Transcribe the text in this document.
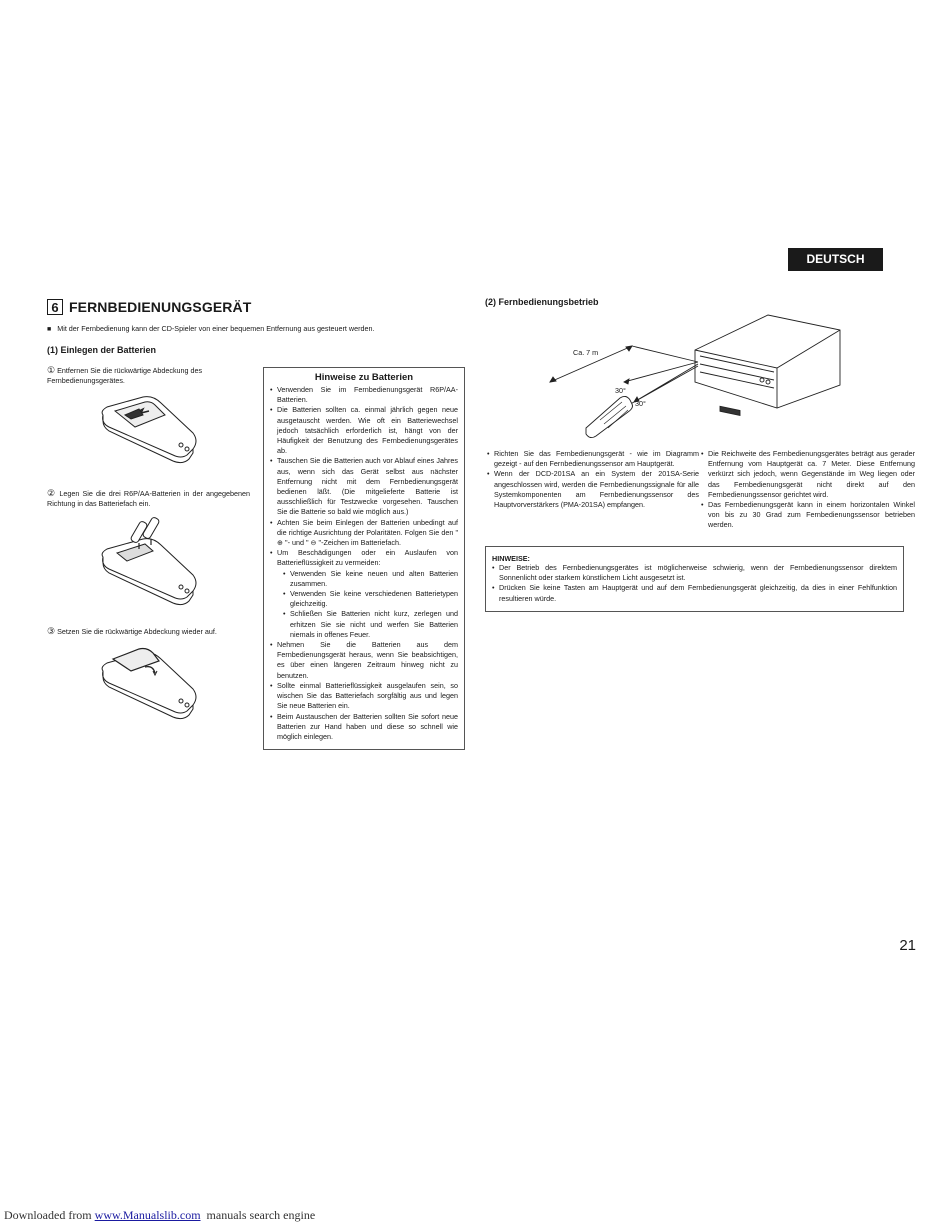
DEUTSCH
6 FERNBEDIENUNGSGERÄT
■ Mit der Fernbedienung kann der CD-Spieler von einer bequemen Entfernung aus gesteuert werden.
(1) Einlegen der Batterien
① Entfernen Sie die rückwärtige Abdeckung des Fernbedienungsgerätes.
② Legen Sie die drei R6P/AA-Batterien in der angegebenen Richtung in das Batteriefach ein.
③ Setzen Sie die rückwärtige Abdeckung wieder auf.
Hinweise zu Batterien
• Verwenden Sie im Fernbedienungsgerät R6P/AA-Batterien.
• Die Batterien sollten ca. einmal jährlich gegen neue ausgetauscht werden. Wie oft ein Batteriewechsel jedoch tatsächlich erforderlich ist, hängt von der Häufigkeit der Benutzung des Fernbedienungsgerätes ab.
• Tauschen Sie die Batterien auch vor Ablauf eines Jahres aus, wenn sich das Gerät selbst aus nächster Entfernung nicht mit dem Fernbedienungsgerät bedienen läßt. (Die mitgelieferte Batterie ist ausschließlich für Testzwecke vorgesehen. Tauschen Sie die Batterie so bald wie möglich aus.)
• Achten Sie beim Einlegen der Batterien unbedingt auf die richtige Ausrichtung der Polaritäten. Folgen Sie den " ⊕ "- und " ⊖ "-Zeichen im Batteriefach.
• Um Beschädigungen oder ein Auslaufen von Batterieflüssigkeit zu vermeiden:
• Verwenden Sie keine neuen und alten Batterien zusammen.
• Verwenden Sie keine verschiedenen Batterietypen gleichzeitig.
• Schließen Sie Batterien nicht kurz, zerlegen und erhitzen Sie sie nicht und werfen Sie Batterien niemals in offenes Feuer.
• Nehmen Sie die Batterien aus dem Fernbedienungsgerät heraus, wenn Sie beabsichtigen, es über einen längeren Zeitraum hinweg nicht zu benutzen.
• Sollte einmal Batterieflüssigkeit ausgelaufen sein, so wischen Sie das Batteriefach sorgfältig aus und legen Sie neue Batterien ein.
• Beim Austauschen der Batterien sollten Sie sofort neue Batterien zur Hand haben und diese so schnell wie möglich einlegen.
(2) Fernbedienungsbetrieb
Ca. 7 m
30°
30°
• Richten Sie das Fernbedienungsgerät - wie im Diagramm gezeigt - auf den Fernbedienungssensor am Hauptgerät.
• Wenn der DCD-201SA an ein System der 201SA-Serie angeschlossen wird, werden die Fernbedienungssignale für alle Systemkomponenten am Fernbedienungssensor des Hauptvorverstärkers (PMA-201SA) empfangen.
• Die Reichweite des Fernbedienungsgerätes beträgt aus gerader Entfernung vom Hauptgerät ca. 7 Meter. Diese Entfernung verkürzt sich jedoch, wenn Gegenstände im Weg liegen oder das Fernbedienungsgerät nicht direkt auf den Fernbedienungssensor gerichtet wird.
• Das Fernbedienungsgerät kann in einem horizontalen Winkel von bis zu 30 Grad zum Fernbedienungssensor betrieben werden.
HINWEISE:
• Der Betrieb des Fernbedienungsgerätes ist möglicherweise schwierig, wenn der Fernbedienungssensor direktem Sonnenlicht oder starkem künstlichem Licht ausgesetzt ist.
• Drücken Sie keine Tasten am Hauptgerät und auf dem Fernbedienungsgerät gleichzeitig, da dies in einer Fehlfunktion resultieren würde.
21
Downloaded from www.Manualslib.com  manuals search engine
